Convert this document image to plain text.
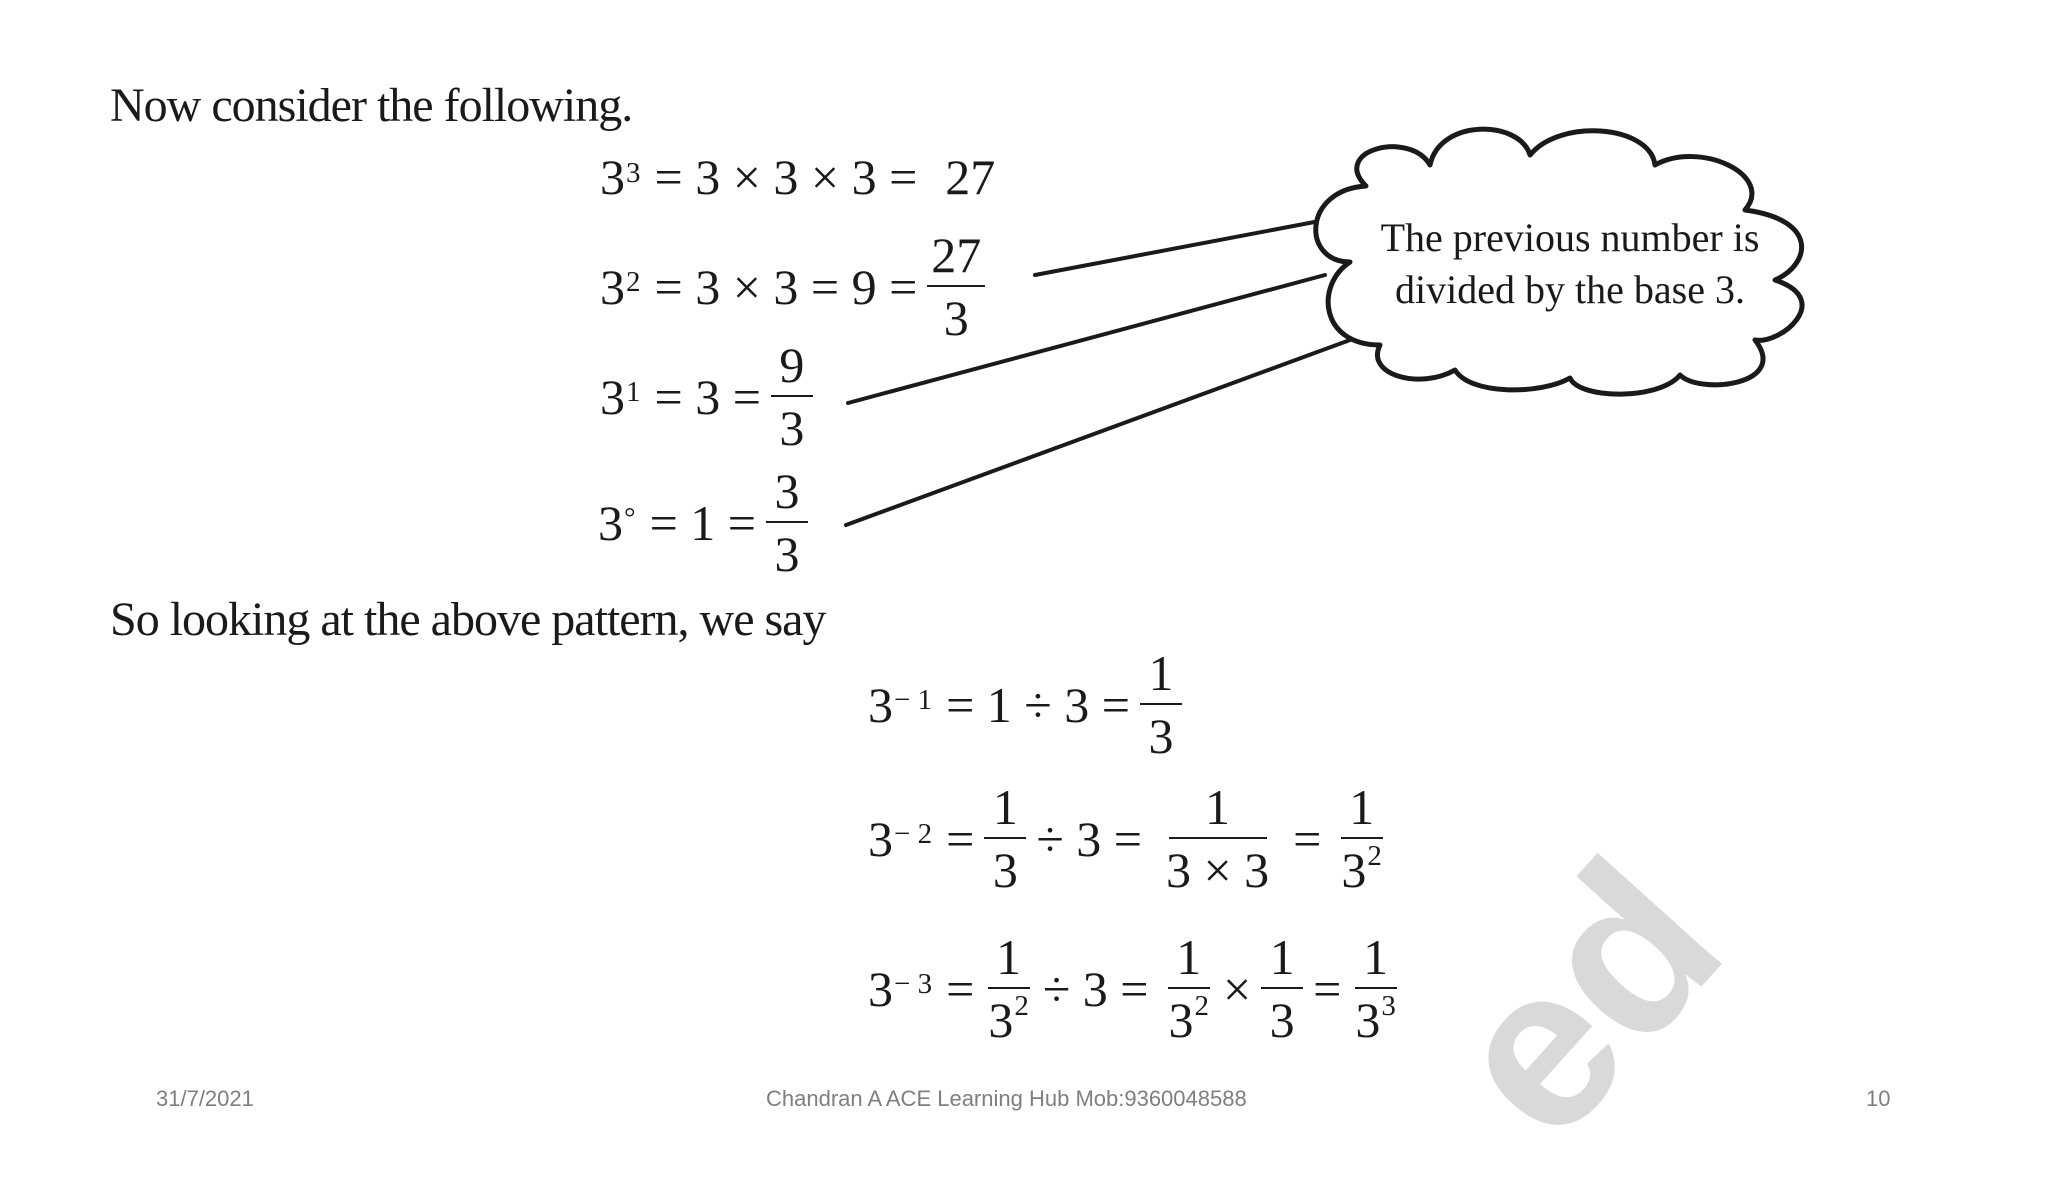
ed
Now consider the following.
So looking at the above pattern, we say
$3^3 = 3 \times 3 \times 3 = 27$
$3^2 = 3 \times 3 = 9 = \frac{27}{3}$
$3^1 = 3 = \frac{9}{3}$
$3^\circ = 1 = \frac{3}{3}$
The previous number is
divided by the base 3.
$3^{- 1} = 1 \div 3 = \frac{1}{3}$
$3^{- 2} = \frac{1}{3} \div 3 = \frac{1}{3 \times 3} = \frac{1}{3^2}$
$3^{- 3} = \frac{1}{3^2} \div 3 = \frac{1}{3^2} \times \frac{1}{3} = \frac{1}{3^3}$
31/7/2021	Chandran A ACE Learning Hub Mob:9360048588	10
